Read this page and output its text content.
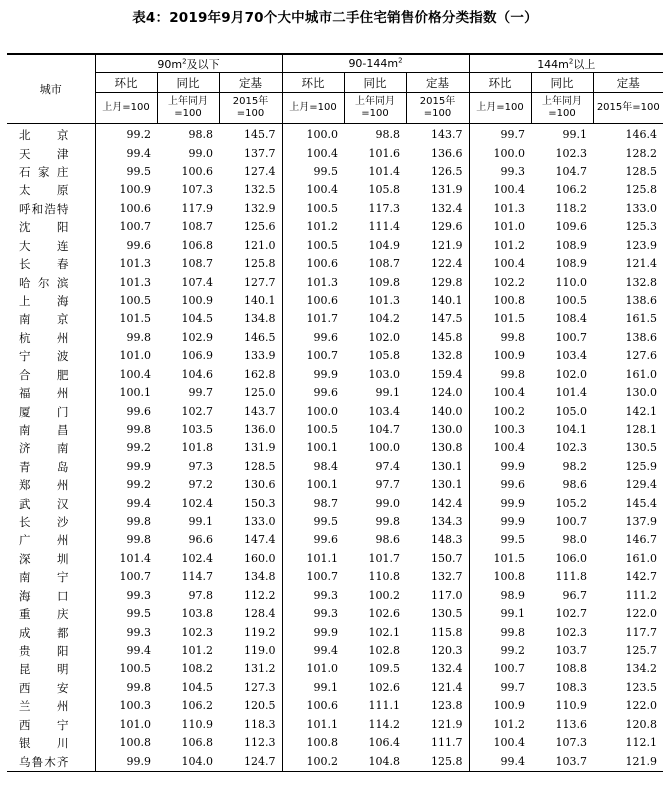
表4：2019年9月70个大中城市二手住宅销售价格分类指数（一）
城市	$90m^2$及以下			$90-144m^2$			$144m^2$以上		
	环比	同比	定基	环比	同比	定基	环比	同比	定基
	上月=100	上年同月=100	2015年=100	上月=100	上年同月=100	2015年=100	上月=100	上年同月=100	2015年=100
北京	99.2	98.8	145.7	100.0	98.8	143.7	99.7	99.1	146.4
天津	99.4	99.0	137.7	100.4	101.6	136.6	100.0	102.3	128.2
石家庄	99.5	100.6	127.4	99.5	101.4	126.5	99.3	104.7	128.5
太原	100.9	107.3	132.5	100.4	105.8	131.9	100.4	106.2	125.8
呼和浩特	100.6	117.9	132.9	100.5	117.3	132.4	101.3	118.2	133.0
沈阳	100.7	108.7	125.6	101.2	111.4	129.6	101.0	109.6	125.3
大连	99.6	106.8	121.0	100.5	104.9	121.9	101.2	108.9	123.9
长春	101.3	108.7	125.8	100.6	108.7	122.4	100.4	108.9	121.4
哈尔滨	101.3	107.4	127.7	101.3	109.8	129.8	102.2	110.0	132.8
上海	100.5	100.9	140.1	100.6	101.3	140.1	100.8	100.5	138.6
南京	101.5	104.5	134.8	101.7	104.2	147.5	101.5	108.4	161.5
杭州	99.8	102.9	146.5	99.6	102.0	145.8	99.8	100.7	138.6
宁波	101.0	106.9	133.9	100.7	105.8	132.8	100.9	103.4	127.6
合肥	100.4	104.6	162.8	99.9	103.0	159.4	99.8	102.0	161.0
福州	100.1	99.7	125.0	99.6	99.1	124.0	100.4	101.4	130.0
厦门	99.6	102.7	143.7	100.0	103.4	140.0	100.2	105.0	142.1
南昌	99.8	103.5	136.0	100.5	104.7	130.0	100.3	104.1	128.1
济南	99.2	101.8	131.9	100.1	100.0	130.8	100.4	102.3	130.5
青岛	99.9	97.3	128.5	98.4	97.4	130.1	99.9	98.2	125.9
郑州	99.2	97.2	130.6	100.1	97.7	130.1	99.6	98.6	129.4
武汉	99.4	102.4	150.3	98.7	99.0	142.4	99.9	105.2	145.4
长沙	99.8	99.1	133.0	99.5	99.8	134.3	99.9	100.7	137.9
广州	99.8	96.6	147.4	99.6	98.6	148.3	99.5	98.0	146.7
深圳	101.4	102.4	160.0	101.1	101.7	150.7	101.5	106.0	161.0
南宁	100.7	114.7	134.8	100.7	110.8	132.7	100.8	111.8	142.7
海口	99.3	97.8	112.2	99.3	100.2	117.0	98.9	96.7	111.2
重庆	99.5	103.8	128.4	99.3	102.6	130.5	99.1	102.7	122.0
成都	99.3	102.3	119.2	99.9	102.1	115.8	99.8	102.3	117.7
贵阳	99.4	101.2	119.0	99.4	102.8	120.3	99.2	103.7	125.7
昆明	100.5	108.2	131.2	101.0	109.5	132.4	100.7	108.8	134.2
西安	99.8	104.5	127.3	99.1	102.6	121.4	99.7	108.3	123.5
兰州	100.3	106.2	120.5	100.6	111.1	123.8	100.9	110.9	122.0
西宁	101.0	110.9	118.3	101.1	114.2	121.9	101.2	113.6	120.8
银川	100.8	106.8	112.3	100.8	106.4	111.7	100.4	107.3	112.1
乌鲁木齐	99.9	104.0	124.7	100.2	104.8	125.8	99.4	103.7	121.9
